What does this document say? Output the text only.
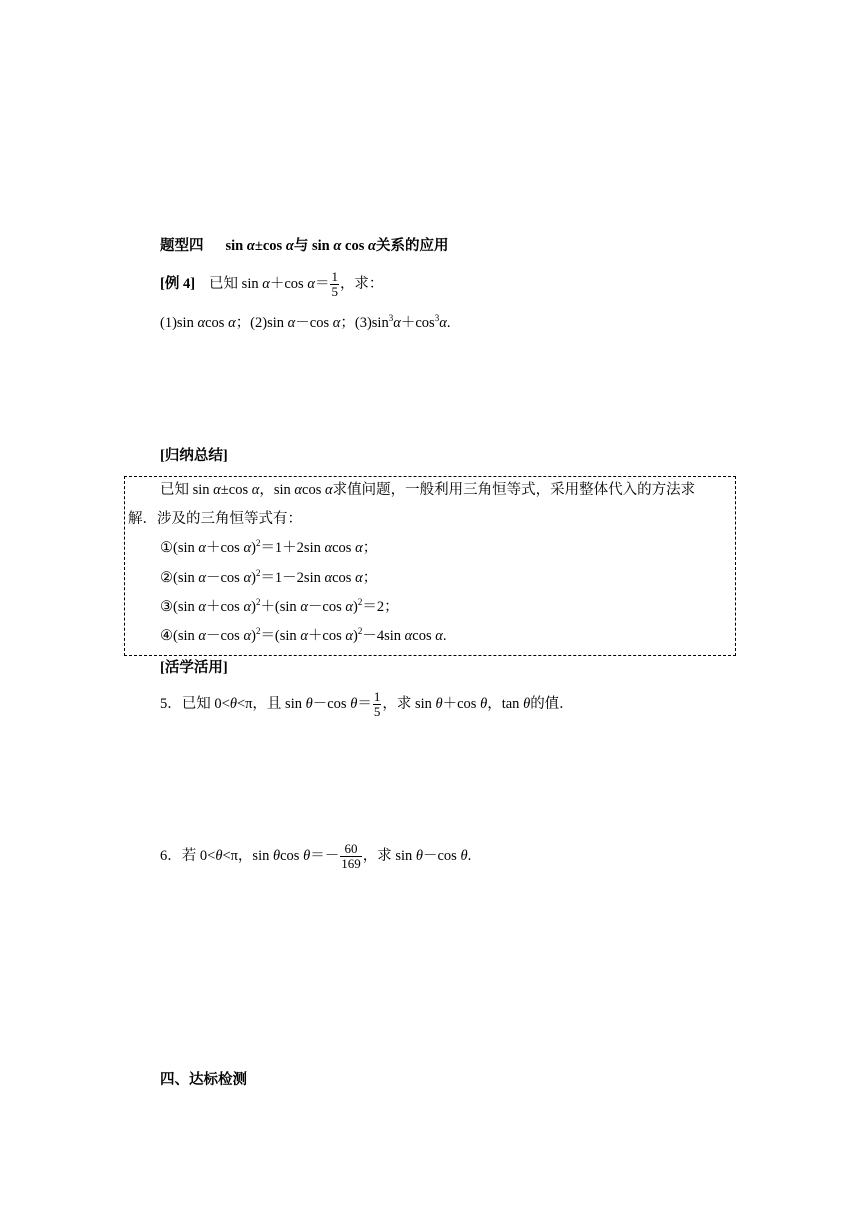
题型四 sin α±cos α与 sin α cos α关系的应用
[例 4] 已知 sin α＋cos $\alpha= \frac{1}{5}$ ，求：
(1)sin αcos α；(2)sin α－cos α；$(3)\sin^3\alpha+\cos^3\alpha$.
[归纳总结]
已知 sin α±cos α，sin αcos α求值问题，一般利用三角恒等式，采用整体代入的方法求
解．涉及的三角恒等式有：
①(sin α＋cos α)$^2$＝1＋2sin αcos α；
②(sin α－cos α)$^2$＝1－2sin αcos α；
③(sin α＋cos α)$^2$＋(sin α－cos α)$^2$＝2；
④(sin α－cos α)$^2$＝(sin α＋cos α)$^2$－4sin αcos α.
[活学活用]
5．已知 0<θ<π，且 sin θ－cos $\theta= \frac{1}{5}$ ，求 sin θ＋cos θ，tan θ的值．
6．若 0<θ<π，sin θcos $\theta=- \frac{60}{169}$ ，求 sin θ－cos θ.
四、达标检测
